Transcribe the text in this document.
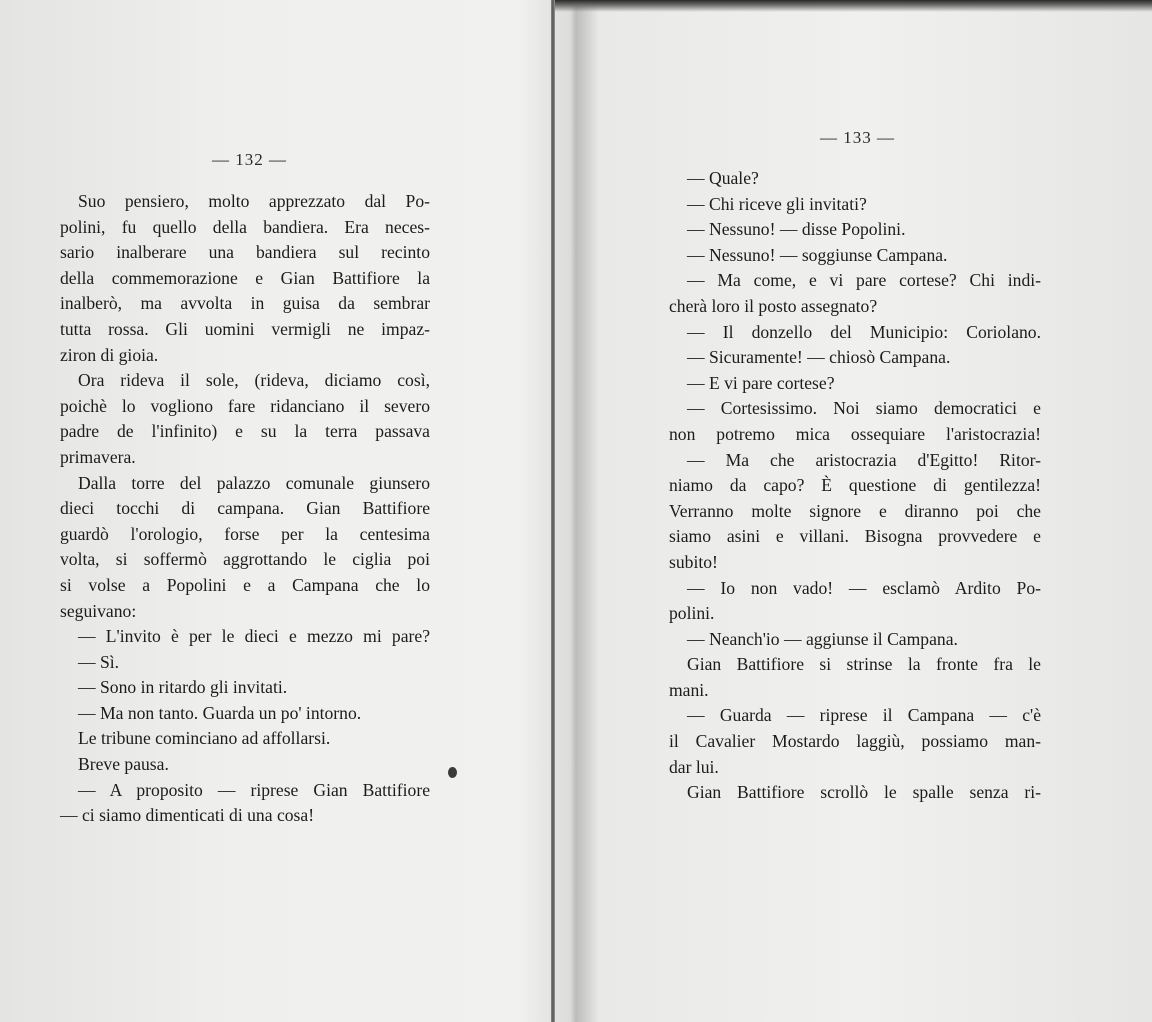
— 132 —
Suo pensiero, molto apprezzato dal Po-
polini, fu quello della bandiera. Era neces-
sario inalberare una bandiera sul recinto
della commemorazione e Gian Battifiore la
inalberò, ma avvolta in guisa da sembrar
tutta rossa. Gli uomini vermigli ne impaz-
ziron di gioia.
Ora rideva il sole, (rideva, diciamo così,
poichè lo vogliono fare ridanciano il severo
padre de l'infinito) e su la terra passava
primavera.
Dalla torre del palazzo comunale giunsero
dieci tocchi di campana. Gian Battifiore
guardò l'orologio, forse per la centesima
volta, si soffermò aggrottando le ciglia poi
si volse a Popolini e a Campana che lo
seguivano:
— L'invito è per le dieci e mezzo mi pare?
— Sì.
— Sono in ritardo gli invitati.
— Ma non tanto. Guarda un po' intorno.
Le tribune cominciano ad affollarsi.
Breve pausa.
— A proposito — riprese Gian Battifiore
— ci siamo dimenticati di una cosa!
— 133 —
— Quale?
— Chi riceve gli invitati?
— Nessuno! — disse Popolini.
— Nessuno! — soggiunse Campana.
— Ma come, e vi pare cortese? Chi indi-
cherà loro il posto assegnato?
— Il donzello del Municipio: Coriolano.
— Sicuramente! — chiosò Campana.
— E vi pare cortese?
— Cortesissimo. Noi siamo democratici e
non potremo mica ossequiare l'aristocrazia!
— Ma che aristocrazia d'Egitto! Ritor-
niamo da capo? È questione di gentilezza!
Verranno molte signore e diranno poi che
siamo asini e villani. Bisogna provvedere e
subito!
— Io non vado! — esclamò Ardito Po-
polini.
— Neanch'io — aggiunse il Campana.
Gian Battifiore si strinse la fronte fra le
mani.
— Guarda — riprese il Campana — c'è
il Cavalier Mostardo laggiù, possiamo man-
dar lui.
Gian Battifiore scrollò le spalle senza ri-
